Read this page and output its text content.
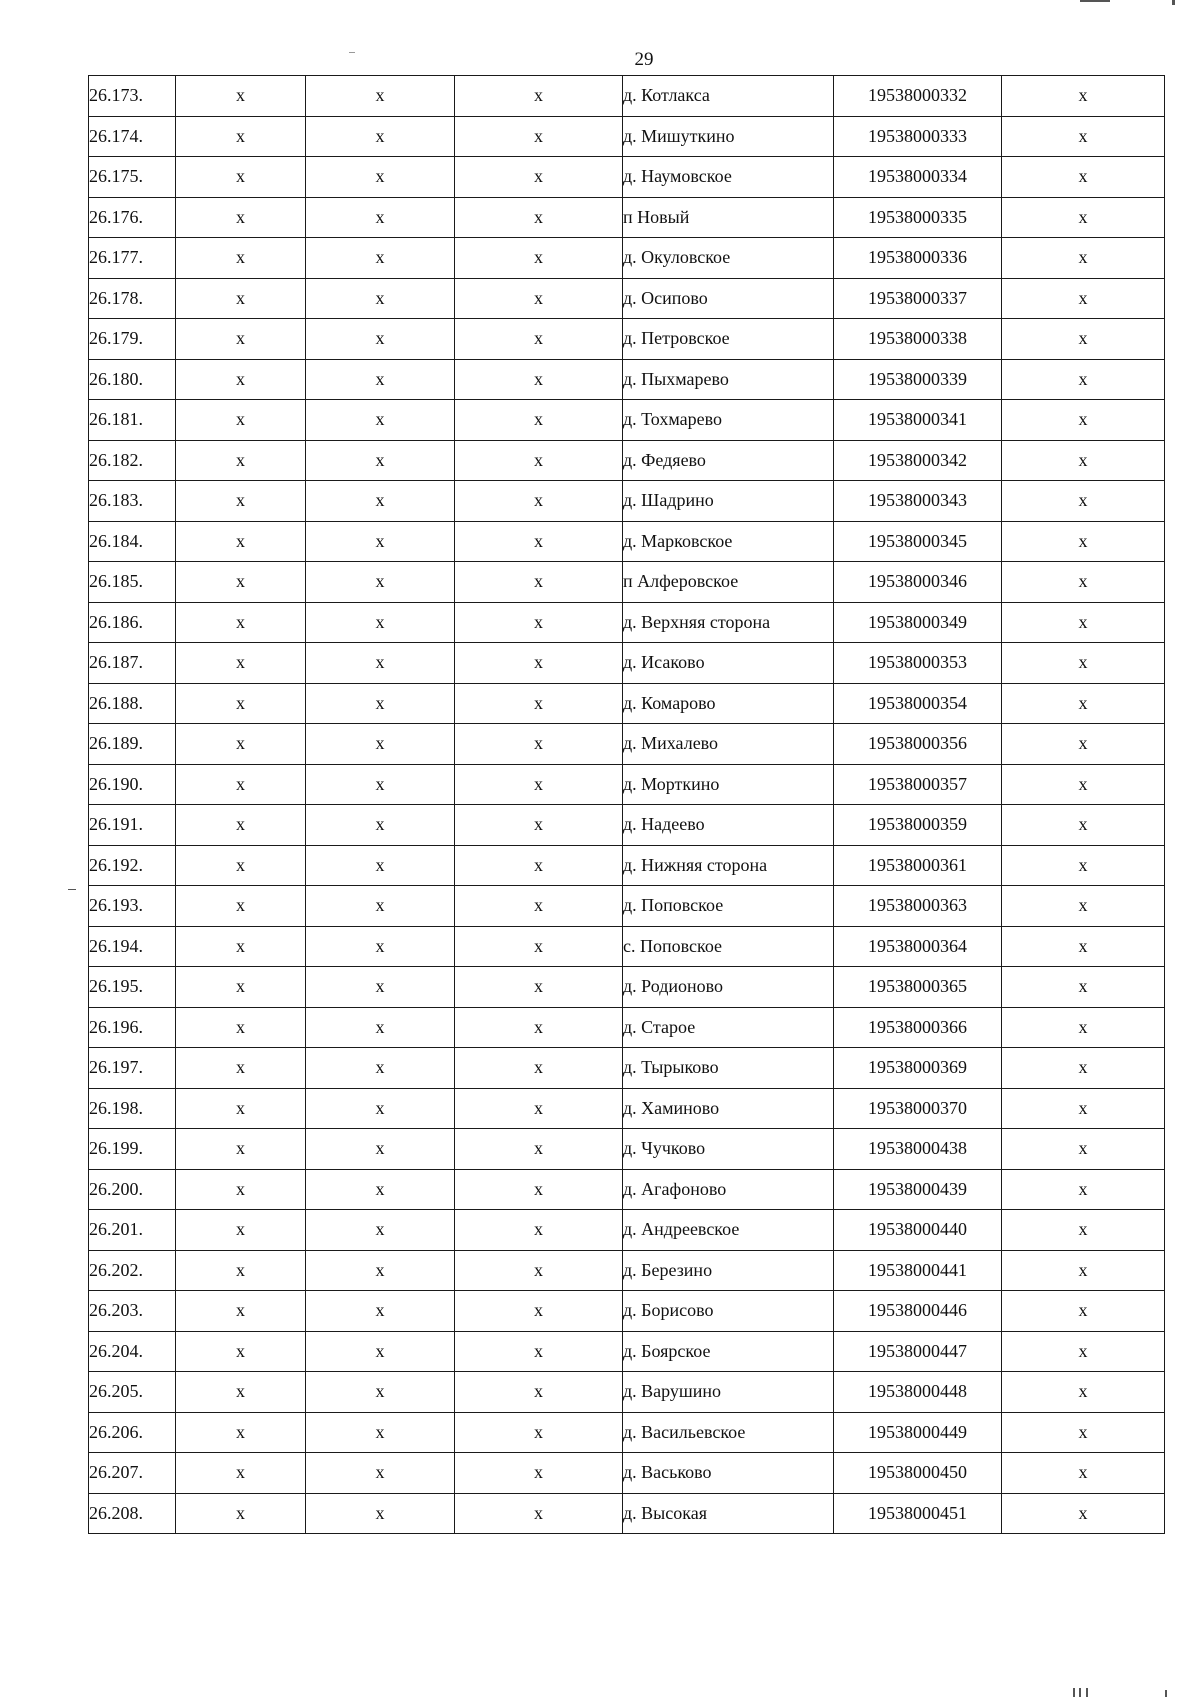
29
26.173.	x	x	x	д. Котлакса	19538000332	x
26.174.	x	x	x	д. Мишуткино	19538000333	x
26.175.	x	x	x	д. Наумовское	19538000334	x
26.176.	x	x	x	п Новый	19538000335	x
26.177.	x	x	x	д. Окуловское	19538000336	x
26.178.	x	x	x	д. Осипово	19538000337	x
26.179.	x	x	x	д. Петровское	19538000338	x
26.180.	x	x	x	д. Пыхмарево	19538000339	x
26.181.	x	x	x	д. Тохмарево	19538000341	x
26.182.	x	x	x	д. Федяево	19538000342	x
26.183.	x	x	x	д. Шадрино	19538000343	x
26.184.	x	x	x	д. Марковское	19538000345	x
26.185.	x	x	x	п Алферовское	19538000346	x
26.186.	x	x	x	д. Верхняя сторона	19538000349	x
26.187.	x	x	x	д. Исаково	19538000353	x
26.188.	x	x	x	д. Комарово	19538000354	x
26.189.	x	x	x	д. Михалево	19538000356	x
26.190.	x	x	x	д. Морткино	19538000357	x
26.191.	x	x	x	д. Надеево	19538000359	x
26.192.	x	x	x	д. Нижняя сторона	19538000361	x
26.193.	x	x	x	д. Поповское	19538000363	x
26.194.	x	x	x	с. Поповское	19538000364	x
26.195.	x	x	x	д. Родионово	19538000365	x
26.196.	x	x	x	д. Старое	19538000366	x
26.197.	x	x	x	д. Тырыково	19538000369	x
26.198.	x	x	x	д. Хаминово	19538000370	x
26.199.	x	x	x	д. Чучково	19538000438	x
26.200.	x	x	x	д. Агафоново	19538000439	x
26.201.	x	x	x	д. Андреевское	19538000440	x
26.202.	x	x	x	д. Березино	19538000441	x
26.203.	x	x	x	д. Борисово	19538000446	x
26.204.	x	x	x	д. Боярское	19538000447	x
26.205.	x	x	x	д. Варушино	19538000448	x
26.206.	x	x	x	д. Васильевское	19538000449	x
26.207.	x	x	x	д. Васьково	19538000450	x
26.208.	x	x	x	д. Высокая	19538000451	x
